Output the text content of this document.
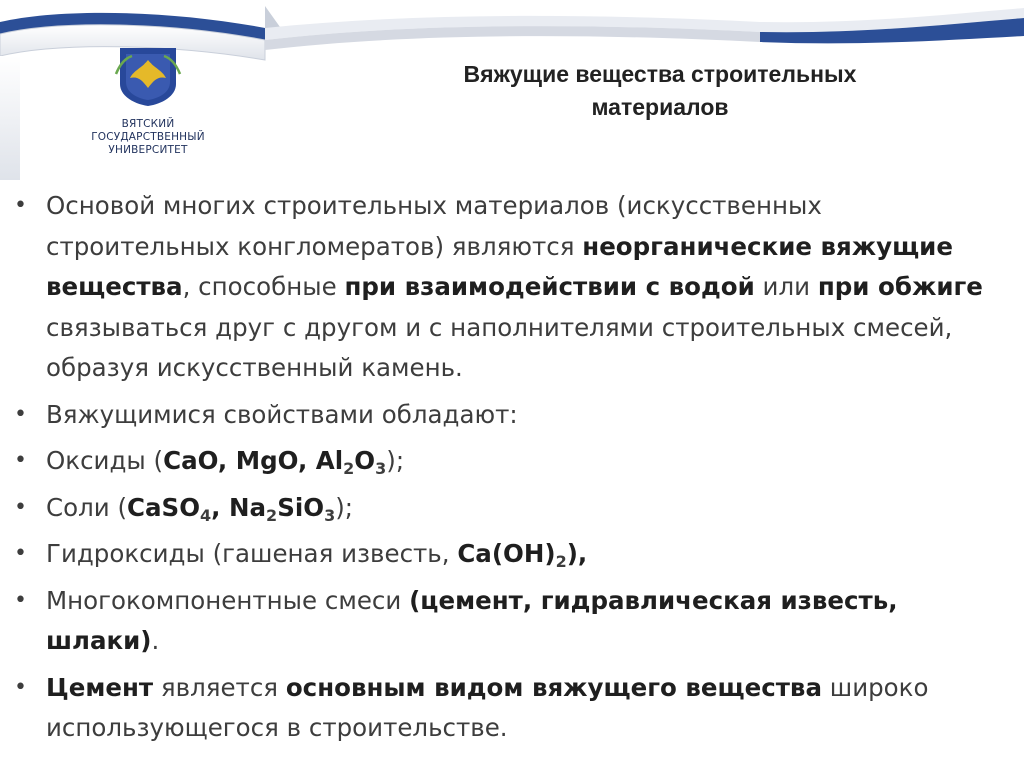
ВЯТСКИЙ
ГОСУДАРСТВЕННЫЙ
УНИВЕРСИТЕТ
Вяжущие вещества строительных
материалов
• Основой многих строительных материалов (искусственных строительных конгломератов) являются неорганические вяжущие вещества, способные при взаимодействии с водой или при обжиге связываться друг с другом и с наполнителями строительных смесей, образуя искусственный камень.
• Вяжущимися свойствами обладают:
• Оксиды (CaO, MgO, $Al_2O_3$);
• Соли (CaSO$_4$, $Na_2SiO_3$);
• Гидроксиды (гашеная известь, $Ca(OH)_2$),
• Многокомпонентные смеси (цемент, гидравлическая известь, шлаки).
• Цемент является основным видом вяжущего вещества широко использующегося в строительстве.
